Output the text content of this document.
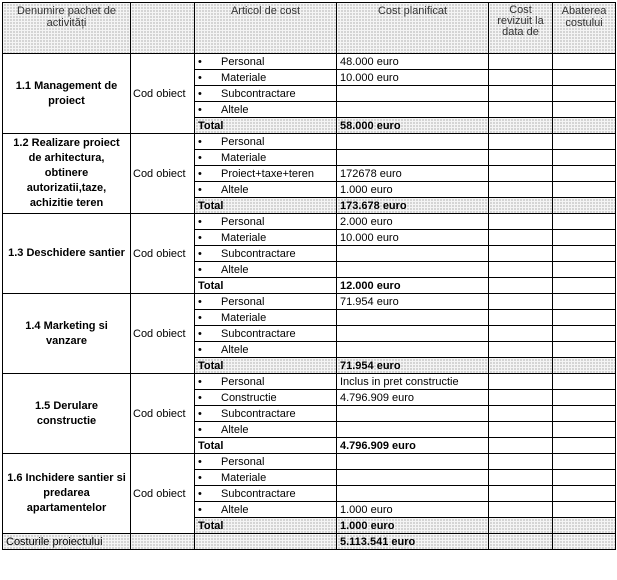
Denumire pachet de activități		Articol de cost	Cost planificat	Cost revizuit la data de	Abaterea costului
1.1 Management de proiect	Cod obiect	• Personal	48.000 euro		
		• Materiale	10.000 euro		
		• Subcontractare			
		• Altele			
		Total	58.000 euro		
1.2 Realizare proiect de arhitectura, obtinere autorizatii,taze, achizitie teren	Cod obiect	• Personal			
		• Materiale			
		• Proiect+taxe+teren	172678 euro		
		• Altele	1.000 euro		
		Total	173.678 euro		
1.3 Deschidere santier	Cod obiect	• Personal	2.000 euro		
		• Materiale	10.000 euro		
		• Subcontractare			
		• Altele			
		Total	12.000 euro		
1.4 Marketing si vanzare	Cod obiect	• Personal	71.954 euro		
		• Materiale			
		• Subcontractare			
		• Altele			
		Total	71.954 euro		
1.5 Derulare constructie	Cod obiect	• Personal	Inclus in pret constructie		
		• Constructie	4.796.909 euro		
		• Subcontractare			
		• Altele			
		Total	4.796.909 euro		
1.6 Inchidere santier si predarea apartamentelor	Cod obiect	• Personal			
		• Materiale			
		• Subcontractare			
		• Altele	1.000 euro		
		Total	1.000 euro		
Costurile proiectului			5.113.541 euro		
